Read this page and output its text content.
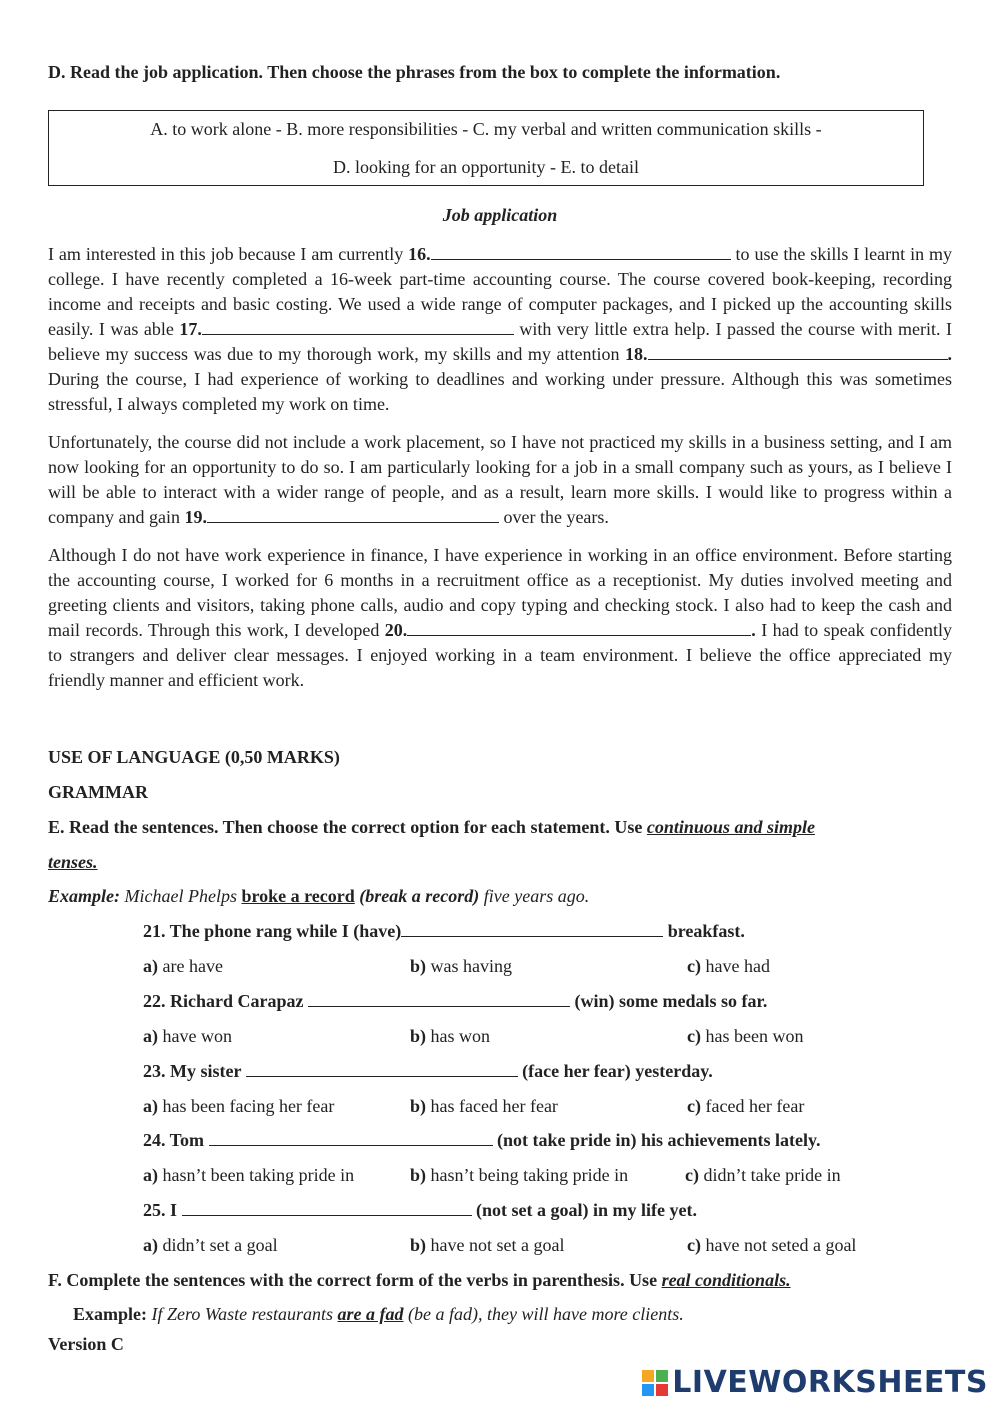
D. Read the job application. Then choose the phrases from the box to complete the information.
A. to work alone - B. more responsibilities - C. my verbal and written communication skills -
D. looking for an opportunity - E. to detail
Job application
I am interested in this job because I am currently 16.	to use the skills I learnt in my college. I have recently completed a 16-week part-time accounting course. The course covered book-keeping, recording income and receipts and basic costing. We used a wide range of computer packages, and I picked up the accounting skills easily. I was able 17.	with very little extra help. I passed the course with merit. I believe my success was due to my thorough work, my skills and my attention 18.	. During the course, I had experience of working to deadlines and working under pressure. Although this was sometimes stressful, I always completed my work on time.
Unfortunately, the course did not include a work placement, so I have not practiced my skills in a business setting, and I am now looking for an opportunity to do so. I am particularly looking for a job in a small company such as yours, as I believe I will be able to interact with a wider range of people, and as a result, learn more skills. I would like to progress within a company and gain 19.	over the years.
Although I do not have work experience in finance, I have experience in working in an office environment. Before starting the accounting course, I worked for 6 months in a recruitment office as a receptionist. My duties involved meeting and greeting clients and visitors, taking phone calls, audio and copy typing and checking stock. I also had to keep the cash and mail records. Through this work, I developed 20.	. I had to speak confidently to strangers and deliver clear messages. I enjoyed working in a team environment. I believe the office appreciated my friendly manner and efficient work.
USE OF LANGUAGE (0,50 MARKS)
GRAMMAR
E. Read the sentences. Then choose the correct option for each statement. Use continuous and simple
tenses.
Example: Michael Phelps broke a record (break a record) five years ago.
21. The phone rang while I (have)	breakfast.
a) are have	b) was having	c) have had
22. Richard Carapaz	(win) some medals so far.
a) have won	b) has won	c) has been won
23. My sister	(face her fear) yesterday.
a) has been facing her fear	b) has faced her fear	c) faced her fear
24. Tom	(not take pride in) his achievements lately.
a) hasn’t been taking pride in	b) hasn’t being taking pride in	c) didn’t take pride in
25. I	(not set a goal) in my life yet.
a) didn’t set a goal	b) have not set a goal	c) have not seted a goal
F. Complete the sentences with the correct form of the verbs in parenthesis. Use real conditionals.
Example: If Zero Waste restaurants are a fad (be a fad), they will have more clients.
Version C
LIVEWORKSHEETS
